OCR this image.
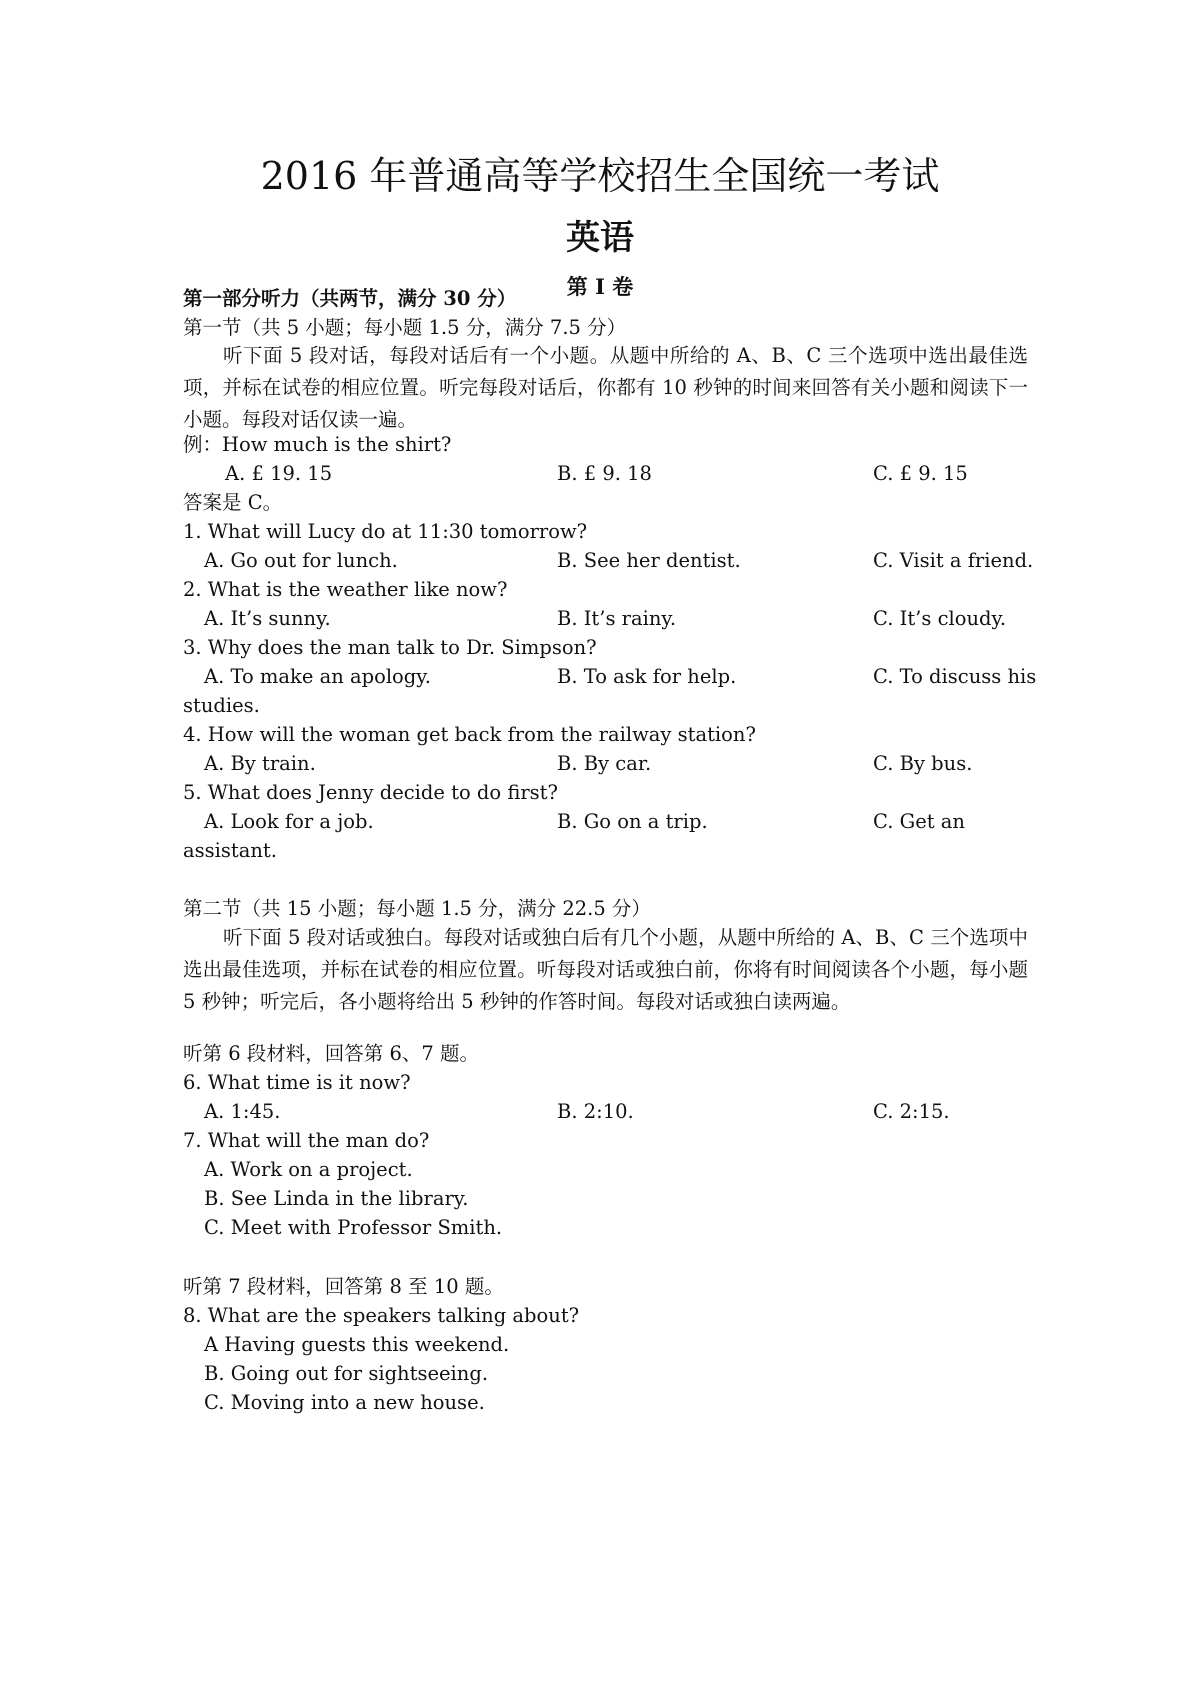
2016 年普通高等学校招生全国统一考试
英语
第 I 卷
第一部分听力（共两节，满分 30 分）
第一节（共 5 小题；每小题 1.5 分，满分 7.5 分）
听下面 5 段对话，每段对话后有一个小题。从题中所给的 A、B、C 三个选项中选出最佳选项，并标在试卷的相应位置。听完每段对话后，你都有 10 秒钟的时间来回答有关小题和阅读下一小题。每段对话仅读一遍。
例：How much is the shirt?
A. £ 19. 15	B. £ 9. 18	C. £ 9. 15
答案是 C。
1. What will Lucy do at 11:30 tomorrow?
A. Go out for lunch.	B. See her dentist.	C. Visit a friend.
2. What is the weather like now?
A. It’s sunny.	B. It’s rainy.	C. It’s cloudy.
3. Why does the man talk to Dr. Simpson?
A. To make an apology.	B. To ask for help.	C. To discuss his
studies.
4. How will the woman get back from the railway station?
A. By train.	B. By car.	C. By bus.
5. What does Jenny decide to do first?
A. Look for a job.	B. Go on a trip.	C. Get an
assistant.
第二节（共 15 小题；每小题 1.5 分，满分 22.5 分）
听下面 5 段对话或独白。每段对话或独白后有几个小题，从题中所给的 A、B、C 三个选项中选出最佳选项，并标在试卷的相应位置。听每段对话或独白前，你将有时间阅读各个小题，每小题 5 秒钟；听完后，各小题将给出 5 秒钟的作答时间。每段对话或独白读两遍。
听第 6 段材料，回答第 6、7 题。
6. What time is it now?
A. 1:45.	B. 2:10.	C. 2:15.
7. What will the man do?
A. Work on a project.
B. See Linda in the library.
C. Meet with Professor Smith.
听第 7 段材料，回答第 8 至 10 题。
8. What are the speakers talking about?
A Having guests this weekend.
B. Going out for sightseeing.
C. Moving into a new house.
